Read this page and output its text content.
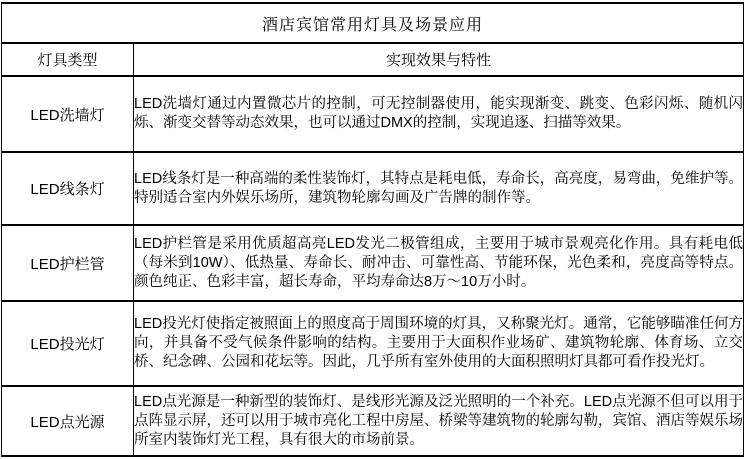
酒店宾馆常用灯具及场景应用	
灯具类型	实现效果与特性
LED洗墙灯	LED洗墙灯通过内置微芯片的控制，可无控制器使用，能实现渐变、跳变、色彩闪烁、随机闪烁、渐变交替等动态效果，也可以通过DMX的控制，实现追逐、扫描等效果。
LED线条灯	LED线条灯是一种高端的柔性装饰灯，其特点是耗电低，寿命长，高亮度，易弯曲，免维护等。特别适合室内外娱乐场所，建筑物轮廓勾画及广告牌的制作等。
LED护栏管	LED护栏管是采用优质超高亮LED发光二极管组成，主要用于城市景观亮化作用。具有耗电低（每米到10W）、低热量、寿命长、耐冲击、可靠性高、节能环保，光色柔和，亮度高等特点。颜色纯正、色彩丰富，超长寿命，平均寿命达8万～10万小时。
LED投光灯	LED投光灯使指定被照面上的照度高于周围环境的灯具，又称聚光灯。通常，它能够瞄准任何方向，并具备不受气候条件影响的结构。主要用于大面积作业场矿、建筑物轮廓、体育场、立交桥、纪念碑、公园和花坛等。因此，几乎所有室外使用的大面积照明灯具都可看作投光灯。
LED点光源	LED点光源是一种新型的装饰灯、是线形光源及泛光照明的一个补充。LED点光源不但可以用于点阵显示屏，还可以用于城市亮化工程中房屋、桥梁等建筑物的轮廓勾勒，宾馆、酒店等娱乐场所室内装饰灯光工程，具有很大的市场前景。
